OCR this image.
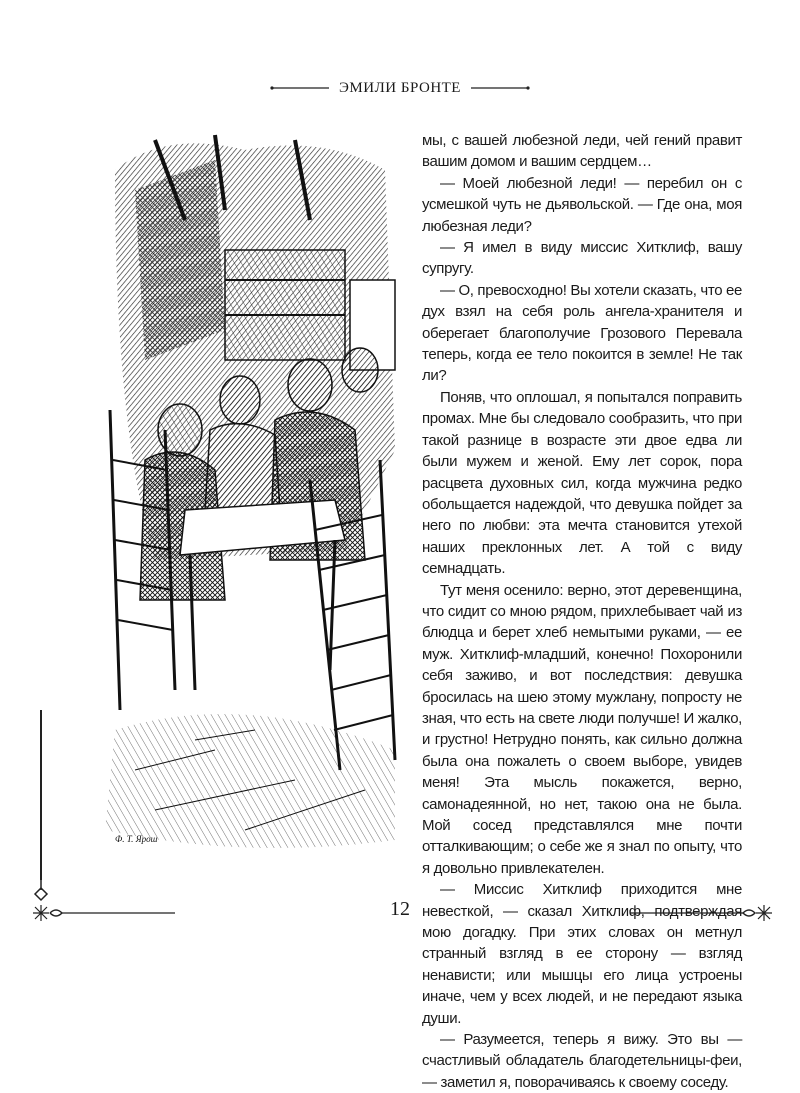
ЭМИЛИ БРОНТЕ
Ф. Т. Ярош

мы, с вашей любезной леди, чей гений правит вашим домом и вашим сердцем…

— Моей любезной леди! — перебил он с усмешкой чуть не дьявольской. — Где она, моя любезная леди?

— Я имел в виду миссис Хитклиф, вашу супругу.

— О, превосходно! Вы хотели сказать, что ее дух взял на себя роль ангела-хранителя и оберегает благополучие Грозового Перевала теперь, когда ее тело покоится в земле! Не так ли?

Поняв, что оплошал, я попытался поправить промах. Мне бы следовало сообразить, что при такой разнице в возрасте эти двое едва ли были мужем и женой. Ему лет сорок, пора расцвета духовных сил, когда мужчина редко обольщается надеждой, что девушка пойдет за него по любви: эта мечта становится утехой наших преклонных лет. А той с виду семнадцать.

Тут меня осенило: верно, этот деревенщина, что сидит со мною рядом, прихлебывает чай из блюдца и берет хлеб немытыми руками, — ее муж. Хитклиф-младший, конечно! Похоронили себя заживо, и вот последствия: девушка бросилась на шею этому мужлану, попросту не зная, что есть на свете люди получше! И жалко, и грустно! Нетрудно понять, как сильно должна была она пожалеть о своем выборе, увидев меня! Эта мысль покажется, верно, самонадеянной, но нет, такою она не была. Мой сосед представлялся мне почти отталкивающим; о себе же я знал по опыту, что я довольно привлекателен.

— Миссис Хитклиф приходится мне невесткой, — сказал Хитклиф, подтверждая мою догадку. При этих словах он метнул странный взгляд в ее сторону — взгляд ненависти; или мышцы его лица устроены иначе, чем у всех людей, и не передают языка души.

— Разумеется, теперь я вижу. Это вы — счастливый обладатель благодетельницы-феи, — заметил я, поворачиваясь к своему соседу.

12
